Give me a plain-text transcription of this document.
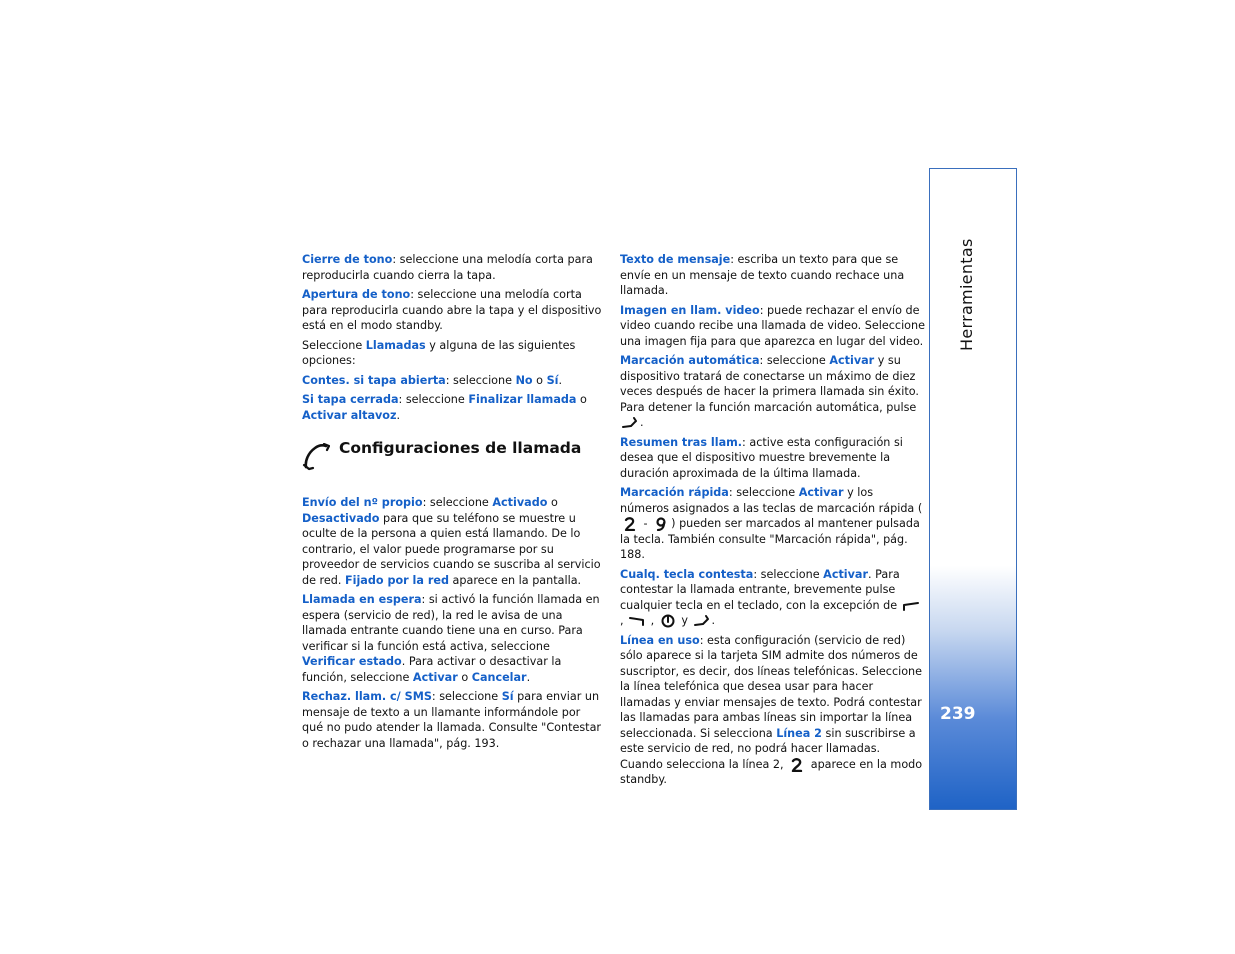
Cierre de tono: seleccione una melodía corta para reproducirla cuando cierra la tapa.

Apertura de tono: seleccione una melodía corta para reproducirla cuando abre la tapa y el dispositivo está en el modo standby.

Seleccione Llamadas y alguna de las siguientes opciones:

Contes. si tapa abierta: seleccione No o Sí.

Si tapa cerrada: seleccione Finalizar llamada o Activar altavoz.

Configuraciones de llamada

Envío del nº propio: seleccione Activado o Desactivado para que su teléfono se muestre u oculte de la persona a quien está llamando. De lo contrario, el valor puede programarse por su proveedor de servicios cuando se suscriba al servicio de red. Fijado por la red aparece en la pantalla.

Llamada en espera: si activó la función llamada en espera (servicio de red), la red le avisa de una llamada entrante cuando tiene una en curso. Para verificar si la función está activa, seleccione Verificar estado. Para activar o desactivar la función, seleccione Activar o Cancelar.

Rechaz. llam. c/ SMS: seleccione Sí para enviar un mensaje de texto a un llamante informándole por qué no pudo atender la llamada. Consulte "Contestar o rechazar una llamada", pág. 193.

Texto de mensaje: escriba un texto para que se envíe en un mensaje de texto cuando rechace una llamada.

Imagen en llam. video: puede rechazar el envío de video cuando recibe una llamada de video. Seleccione una imagen fija para que aparezca en lugar del video.

Marcación automática: seleccione Activar y su dispositivo tratará de conectarse un máximo de diez veces después de hacer la primera llamada sin éxito. Para detener la función marcación automática, pulse .

Resumen tras llam.: active esta configuración si desea que el dispositivo muestre brevemente la duración aproximada de la última llamada.

Marcación rápida: seleccione Activar y los números asignados a las teclas de marcación rápida ( - ) pueden ser marcados al mantener pulsada la tecla. También consulte "Marcación rápida", pág. 188.

Cualq. tecla contesta: seleccione Activar. Para contestar la llamada entrante, brevemente pulse cualquier tecla en el teclado, con la excepción de  ,  ,  y .

Línea en uso: esta configuración (servicio de red) sólo aparece si la tarjeta SIM admite dos números de suscriptor, es decir, dos líneas telefónicas. Seleccione la línea telefónica que desea usar para hacer llamadas y enviar mensajes de texto. Podrá contestar las llamadas para ambas líneas sin importar la línea seleccionada. Si selecciona Línea 2 sin suscribirse a este servicio de red, no podrá hacer llamadas. Cuando selecciona la línea 2,  aparece en la modo standby.

Herramientas
239
